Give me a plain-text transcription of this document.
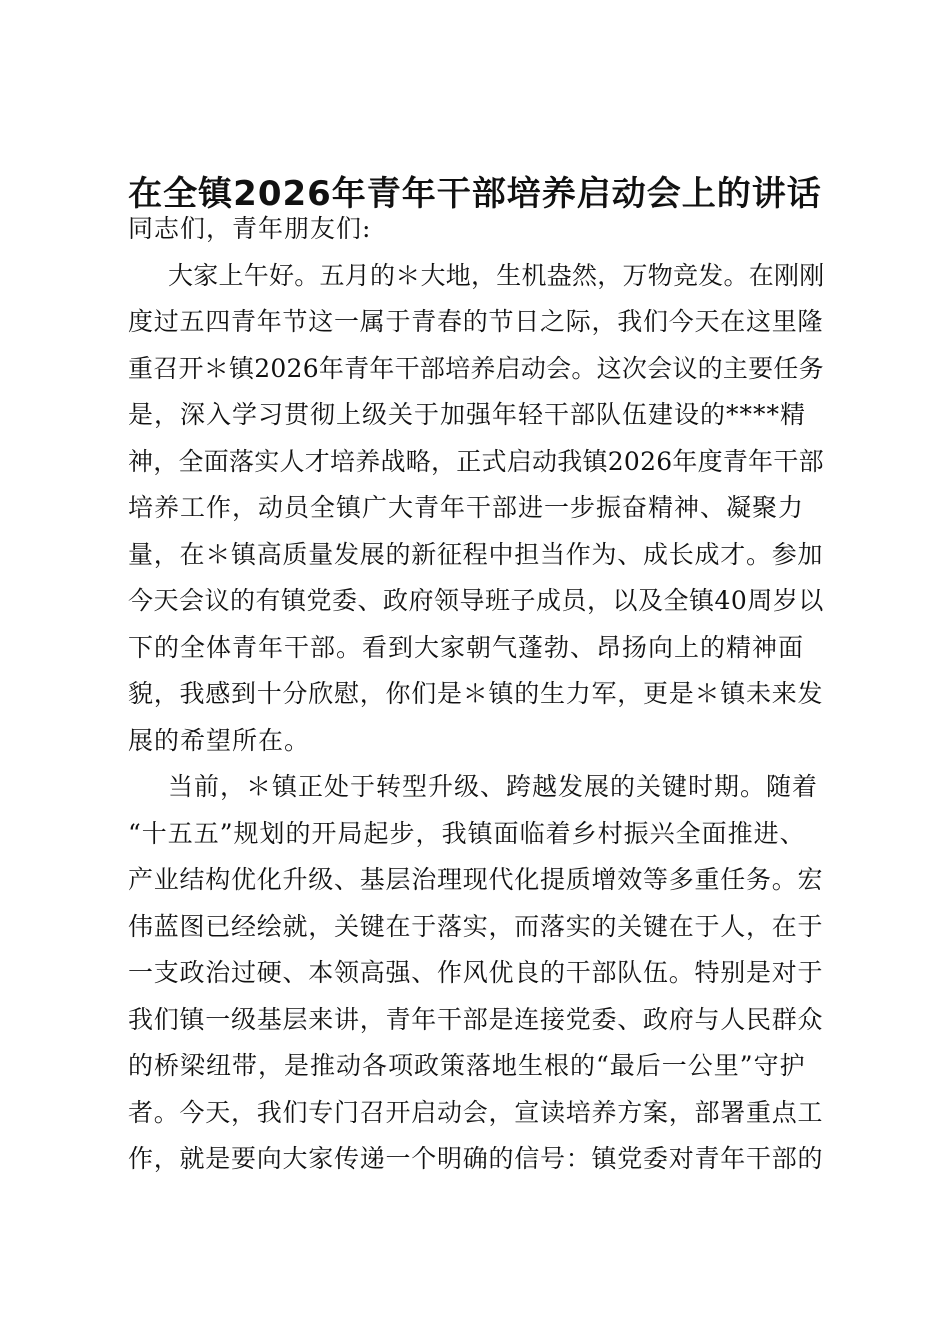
在全镇2026年青年干部培养启动会上的讲话
同志们，青年朋友们:
大家上午好。五月的＊大地，生机盎然，万物竞发。在刚刚
度过五四青年节这一属于青春的节日之际，我们今天在这里隆
重召开＊镇2026年青年干部培养启动会。这次会议的主要任务
是，深入学习贯彻上级关于加强年轻干部队伍建设的****精
神，全面落实人才培养战略，正式启动我镇2026年度青年干部
培养工作，动员全镇广大青年干部进一步振奋精神、凝聚力
量，在＊镇高质量发展的新征程中担当作为、成长成才。参加
今天会议的有镇党委、政府领导班子成员，以及全镇40周岁以
下的全体青年干部。看到大家朝气蓬勃、昂扬向上的精神面
貌，我感到十分欣慰，你们是＊镇的生力军，更是＊镇未来发
展的希望所在。
当前，＊镇正处于转型升级、跨越发展的关键时期。随着
“十五五”规划的开局起步，我镇面临着乡村振兴全面推进、
产业结构优化升级、基层治理现代化提质增效等多重任务。宏
伟蓝图已经绘就，关键在于落实，而落实的关键在于人，在于
一支政治过硬、本领高强、作风优良的干部队伍。特别是对于
我们镇一级基层来讲，青年干部是连接党委、政府与人民群众
的桥梁纽带，是推动各项政策落地生根的“最后一公里”守护
者。今天，我们专门召开启动会，宣读培养方案，部署重点工
作，就是要向大家传递一个明确的信号：镇党委对青年干部的
